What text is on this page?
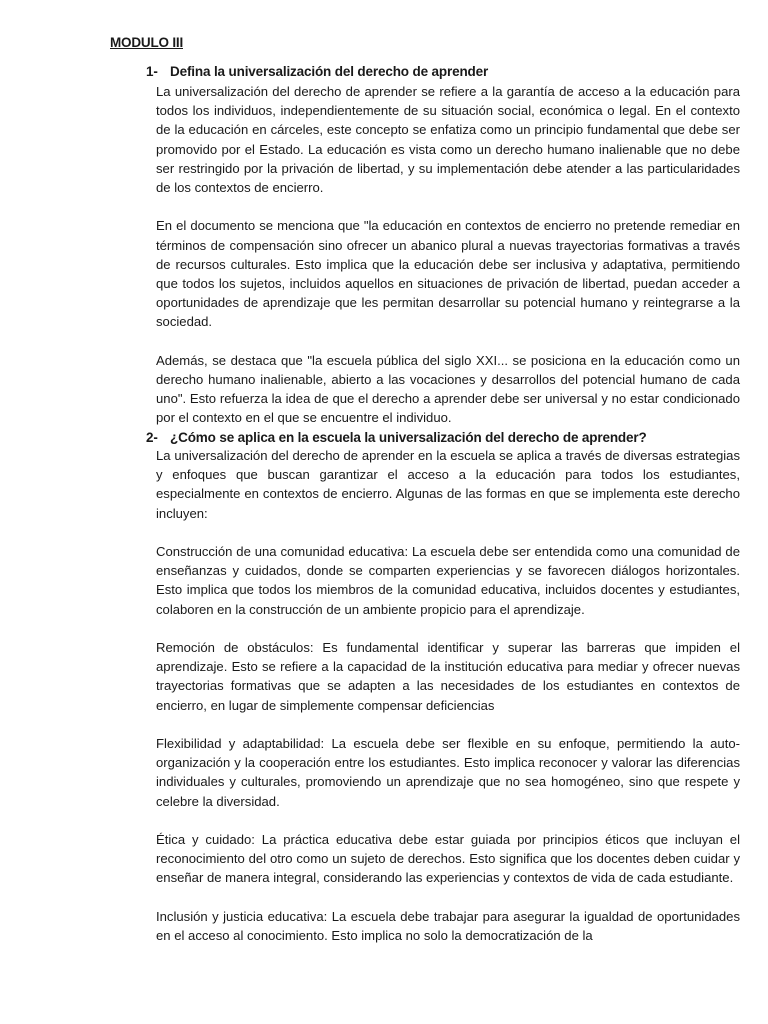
MODULO III
1- Defina la universalización del derecho de aprender

La universalización del derecho de aprender se refiere a la garantía de acceso a la educación para todos los individuos, independientemente de su situación social, económica o legal. En el contexto de la educación en cárceles, este concepto se enfatiza como un principio fundamental que debe ser promovido por el Estado. La educación es vista como un derecho humano inalienable que no debe ser restringido por la privación de libertad, y su implementación debe atender a las particularidades de los contextos de encierro.

En el documento se menciona que "la educación en contextos de encierro no pretende remediar en términos de compensación sino ofrecer un abanico plural a nuevas trayectorias formativas a través de recursos culturales. Esto implica que la educación debe ser inclusiva y adaptativa, permitiendo que todos los sujetos, incluidos aquellos en situaciones de privación de libertad, puedan acceder a oportunidades de aprendizaje que les permitan desarrollar su potencial humano y reintegrarse a la sociedad.

Además, se destaca que "la escuela pública del siglo XXI... se posiciona en la educación como un derecho humano inalienable, abierto a las vocaciones y desarrollos del potencial humano de cada uno". Esto refuerza la idea de que el derecho a aprender debe ser universal y no estar condicionado por el contexto en el que se encuentre el individuo.

2- ¿Cómo se aplica en la escuela la universalización del derecho de aprender?

La universalización del derecho de aprender en la escuela se aplica a través de diversas estrategias y enfoques que buscan garantizar el acceso a la educación para todos los estudiantes, especialmente en contextos de encierro. Algunas de las formas en que se implementa este derecho incluyen:

Construcción de una comunidad educativa: La escuela debe ser entendida como una comunidad de enseñanzas y cuidados, donde se comparten experiencias y se favorecen diálogos horizontales. Esto implica que todos los miembros de la comunidad educativa, incluidos docentes y estudiantes, colaboren en la construcción de un ambiente propicio para el aprendizaje.

Remoción de obstáculos: Es fundamental identificar y superar las barreras que impiden el aprendizaje. Esto se refiere a la capacidad de la institución educativa para mediar y ofrecer nuevas trayectorias formativas que se adapten a las necesidades de los estudiantes en contextos de encierro, en lugar de simplemente compensar deficiencias

Flexibilidad y adaptabilidad: La escuela debe ser flexible en su enfoque, permitiendo la auto-organización y la cooperación entre los estudiantes. Esto implica reconocer y valorar las diferencias individuales y culturales, promoviendo un aprendizaje que no sea homogéneo, sino que respete y celebre la diversidad.

Ética y cuidado: La práctica educativa debe estar guiada por principios éticos que incluyan el reconocimiento del otro como un sujeto de derechos. Esto significa que los docentes deben cuidar y enseñar de manera integral, considerando las experiencias y contextos de vida de cada estudiante.

Inclusión y justicia educativa: La escuela debe trabajar para asegurar la igualdad de oportunidades en el acceso al conocimiento. Esto implica no solo la democratización de la
